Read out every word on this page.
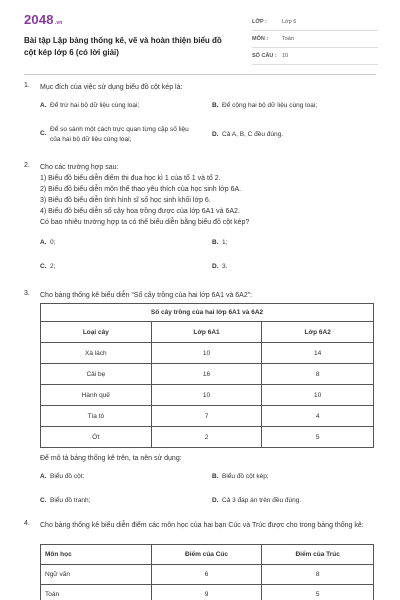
2048.vn
Bài tập Lập bảng thống kê, vẽ và hoàn thiện biểu đồ cột kép lớp 6 (có lời giải)
LỚP :	Lớp 6
MÔN :	Toán
SỐ CÂU : 10
1.	Mục đích của việc sử dụng biểu đồ cột kép là:
A. Để trừ hai bộ dữ liệu cùng loại;	B. Để cộng hai bộ dữ liệu cùng loại;
C.
Để so sánh một cách trực quan từng cặp số liệu của hai bộ dữ liệu cùng loại;
D. Cả A, B, C đều đúng.
2.	Cho các trường hợp sau:
1) Biểu đồ biểu diễn điểm thi đua học kì 1 của tổ 1 và tổ 2.
2) Biểu đồ biểu diễn môn thể thao yêu thích của học sinh lớp 6A.
3) Biểu đồ biểu diễn tình hình sĩ số học sinh khối lớp 6.
4) Biểu đồ biểu diễn số cây hoa trồng được của lớp 6A1 và 6A2.
Có bao nhiêu trường hợp ta có thể biểu diễn bằng biểu đồ cột kép?
A. 0;	B. 1;
C. 2;	D. 3.
3.	Cho bảng thống kê biểu diễn “Số cây trồng của hai lớp 6A1 và 6A2”:
Số cây trồng của hai lớp 6A1 và 6A2		
Loại cây	Lớp 6A1	Lớp 6A2
Xà lách	10	14
Cải bẹ	16	8
Hành quế	10	10
Tía tô	7	4
Ớt	2	5
Để mô tả bảng thống kê trên, ta nên sử dụng:
A. Biểu đồ cột;	B. Biểu đồ cột kép;
C. Biểu đồ tranh;	D. Cả 3 đáp án trên đều đúng.
4.	Cho bảng thống kê biểu diễn điểm các môn học của hai bạn Cúc và Trúc được cho trong bảng thống kê:
Môn học	Điểm của Cúc	Điểm của Trúc
Ngữ văn	6	8
Toán	9	5
